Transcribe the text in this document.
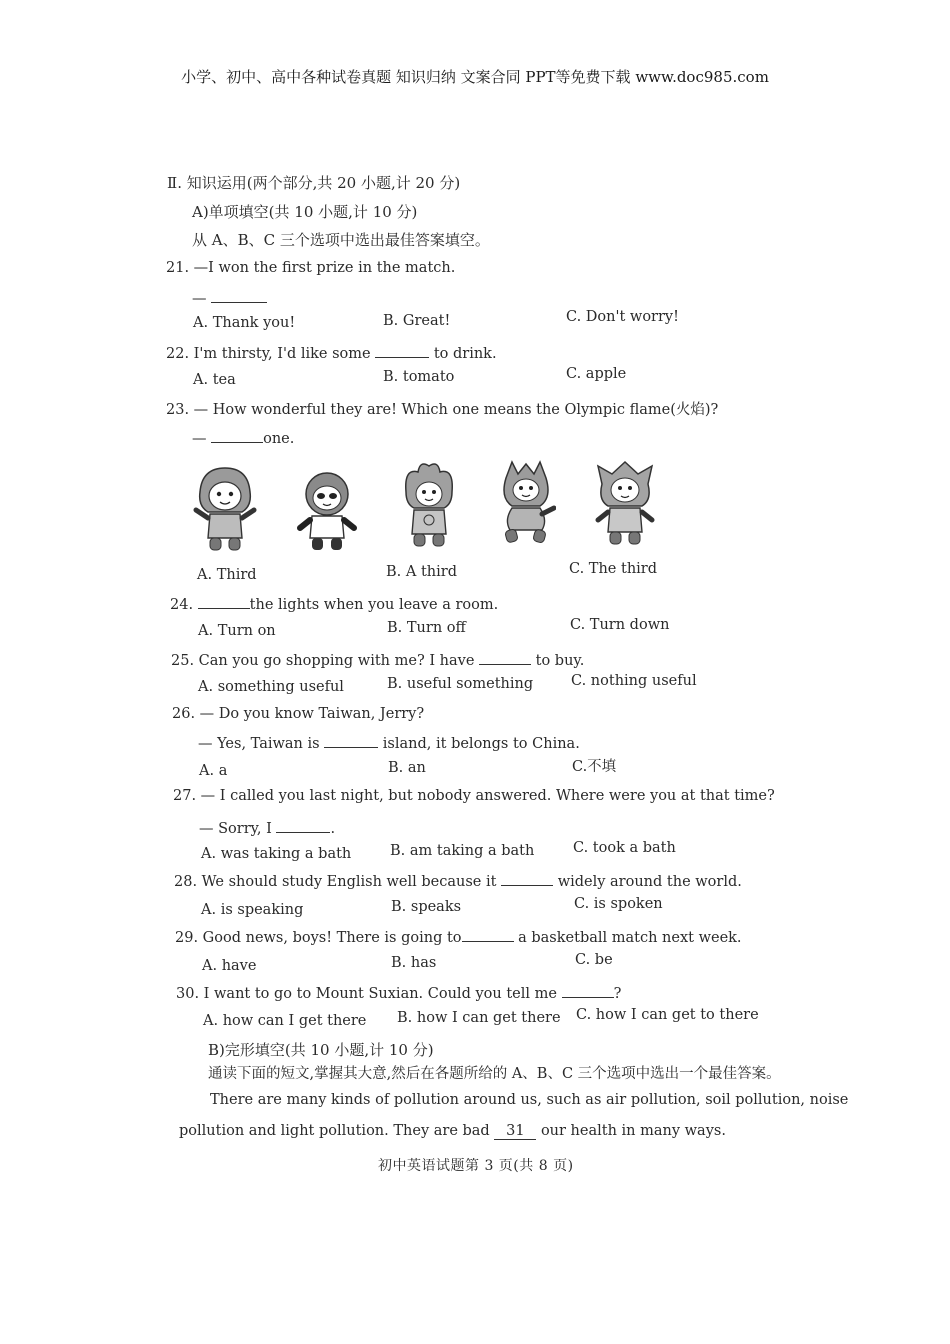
小学、初中、高中各种试卷真题 知识归纳 文案合同 PPT等免费下载 www.doc985.com
Ⅱ. 知识运用(两个部分,共 20 小题,计 20 分)
A)单项填空(共 10 小题,计 10 分)
从 A、B、C 三个选项中选出最佳答案填空。
21. —I won the first prize in the match.
—
A. Thank you!	B. Great!	C. Don't worry!
22. I'm thirsty, I'd like some	to drink.
A. tea	B. tomato	C. apple
23. — How wonderful they are! Which one means the Olympic flame(火焰)?
—	one.
A. Third	B. A third	C. The third
24.	the lights when you leave a room.
A. Turn on	B. Turn off	C. Turn down
25. Can you go shopping with me? I have	to buy.
A. something useful	B. useful something	C. nothing useful
26. — Do you know Taiwan, Jerry?
— Yes, Taiwan is	island, it belongs to China.
A. a	B. an	C.不填
27. — I called you last night, but nobody answered. Where were you at that time?
— Sorry, I	.
A. was taking a bath	B. am taking a bath	C. took a bath
28. We should study English well because it	widely around the world.
A. is speaking	B. speaks	C. is spoken
29. Good news, boys! There is going to	a basketball match next week.
A. have	B. has	C. be
30. I want to go to Mount Suxian. Could you tell me	?
A. how can I get there B. how I can get there C. how I can get to there
B)完形填空(共 10 小题,计 10 分)
通读下面的短文,掌握其大意,然后在各题所给的 A、B、C 三个选项中选出一个最佳答案。
There are many kinds of pollution around us, such as air pollution, soil pollution, noise
pollution and light pollution. They are bad 31 our health in many ways.
初中英语试题第 3 页(共 8 页)
